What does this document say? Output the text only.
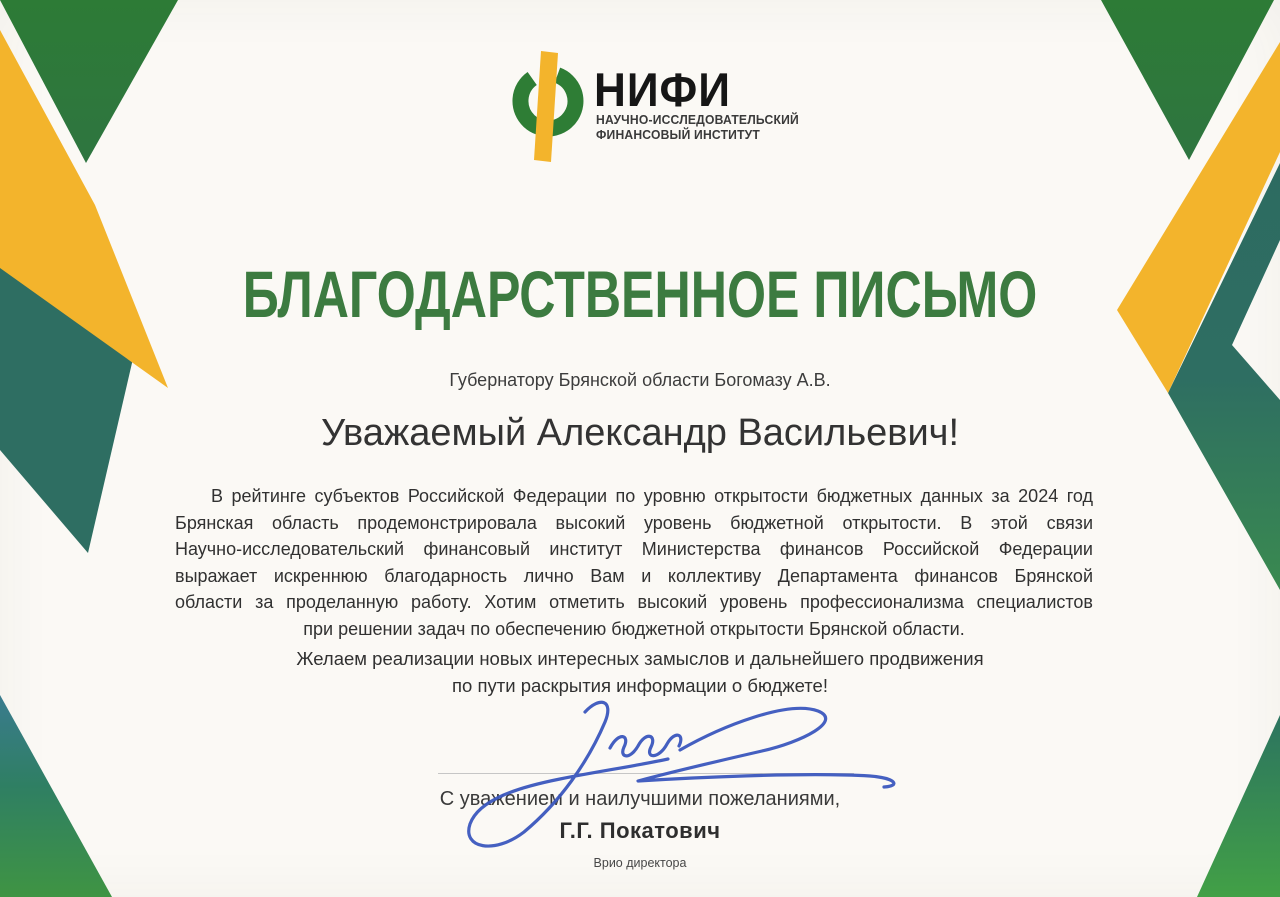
НИФИ
НАУЧНО-ИССЛЕДОВАТЕЛЬСКИЙ
ФИНАНСОВЫЙ ИНСТИТУТ
БЛАГОДАРСТВЕННОЕ ПИСЬМО
Губернатору Брянской области Богомазу А.В.
Уважаемый Александр Васильевич!
В рейтинге субъектов Российской Федерации по уровню открытости бюджетных данных за 2024 год
Брянская область продемонстрировала высокий уровень бюджетной открытости. В этой связи
Научно-исследовательский финансовый институт Министерства финансов Российской Федерации
выражает искреннюю благодарность лично Вам и коллективу Департамента финансов Брянской
области за проделанную работу. Хотим отметить высокий уровень профессионализма специалистов
при решении задач по обеспечению бюджетной открытости Брянской области.
Желаем реализации новых интересных замыслов и дальнейшего продвижения
по пути раскрытия информации о бюджете!
С уважением и наилучшими пожеланиями,
Г.Г. Покатович
Врио директора
